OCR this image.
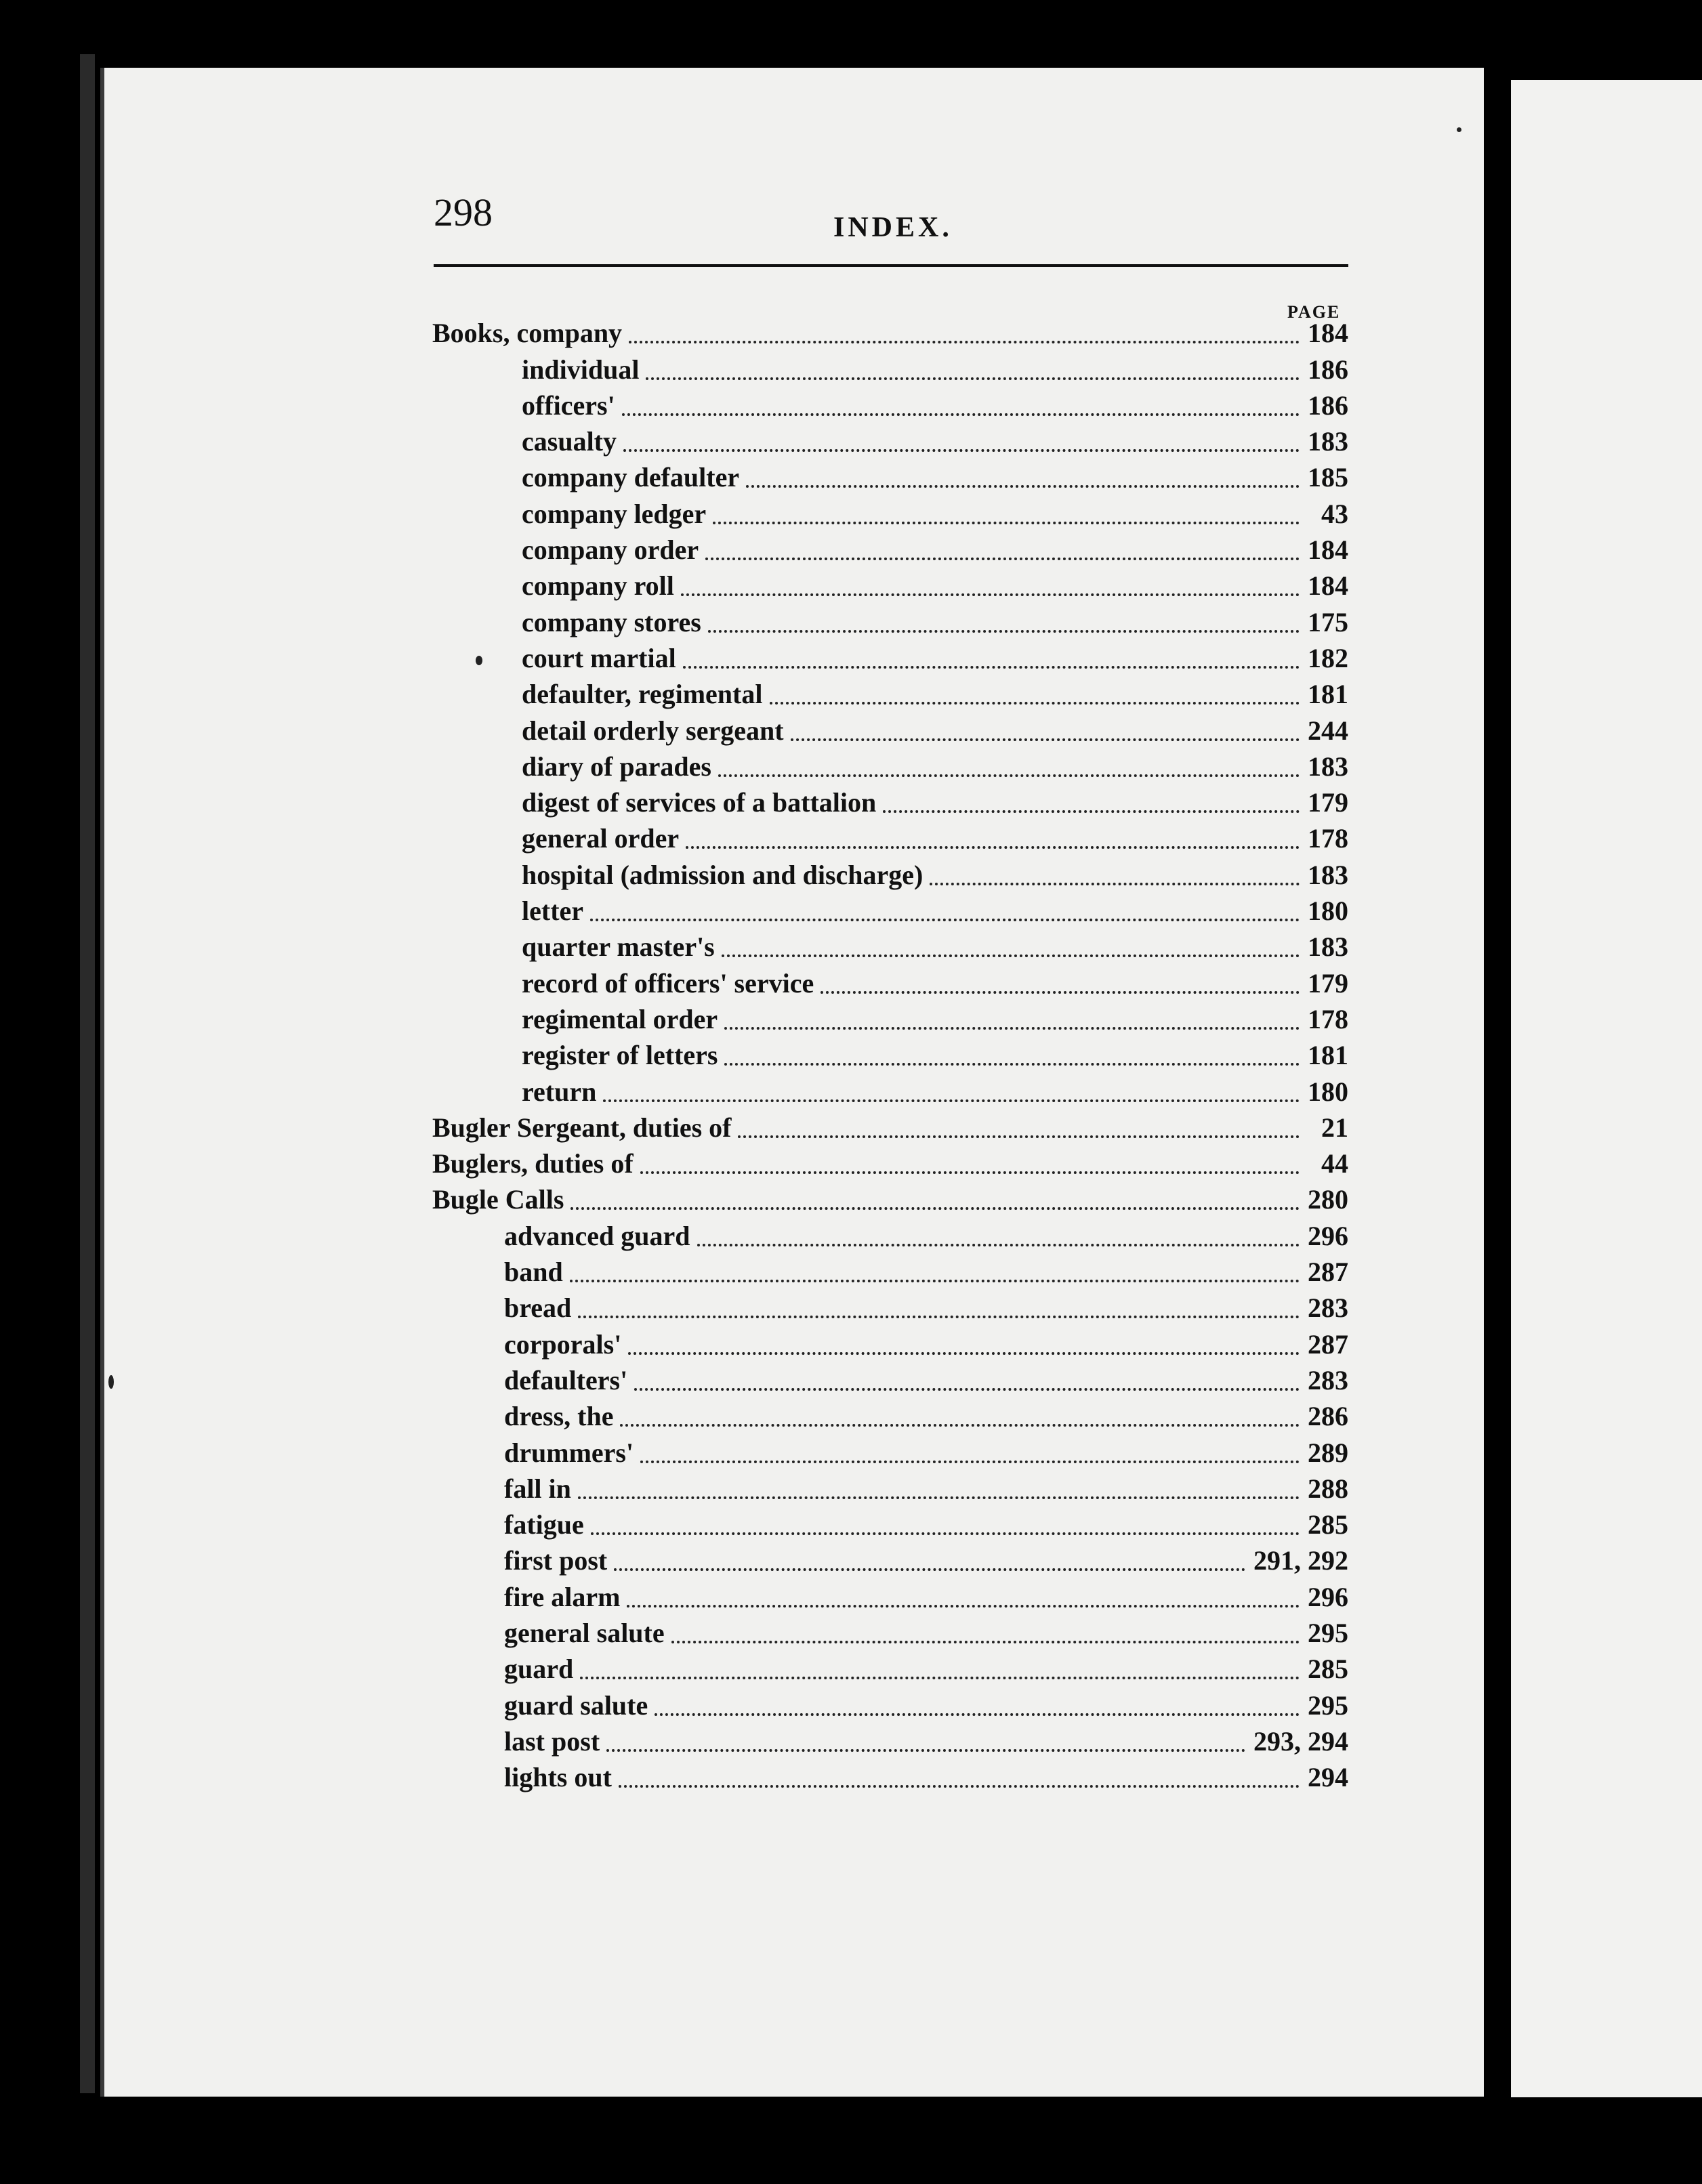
298	INDEX.
PAGE
Books, company	184
individual	186
officers'	186
casualty	183
company defaulter	185
company ledger	43
company order	184
company roll	184
company stores	175
court martial	182
defaulter, regimental	181
detail orderly sergeant	244
diary of parades	183
digest of services of a battalion	179
general order	178
hospital (admission and discharge)	183
letter	180
quarter master's	183
record of officers' service	179
regimental order	178
register of letters	181
return	180
Bugler Sergeant, duties of	21
Buglers, duties of	44
Bugle Calls	280
advanced guard	296
band	287
bread	283
corporals'	287
defaulters'	283
dress, the	286
drummers'	289
fall in	288
fatigue	285
first post	291, 292
fire alarm	296
general salute	295
guard	285
guard salute	295
last post	293, 294
lights out	294
